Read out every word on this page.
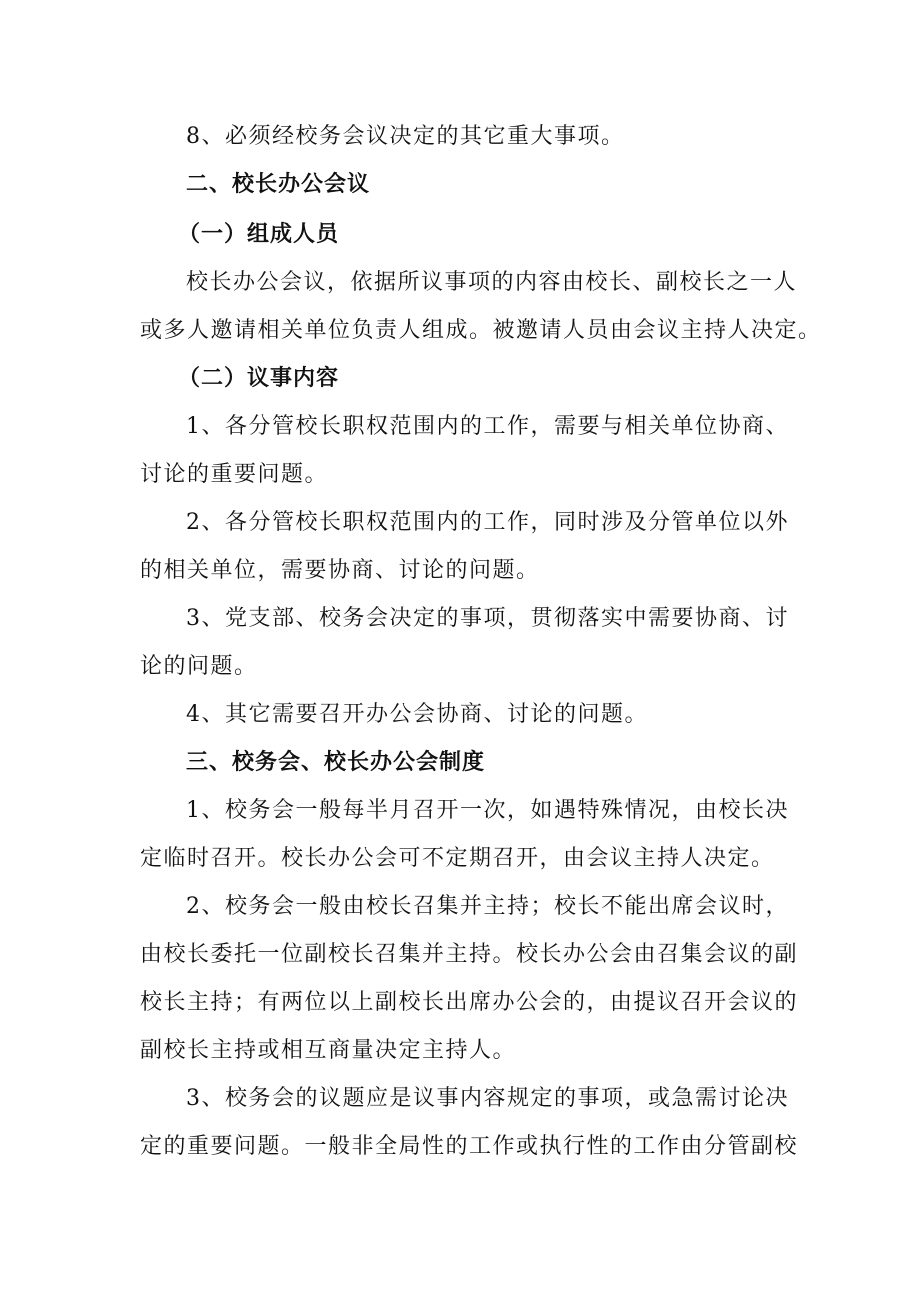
8、必须经校务会议决定的其它重大事项。
二、校长办公会议
（一）组成人员
校长办公会议，依据所议事项的内容由校长、副校长之一人
或多人邀请相关单位负责人组成。被邀请人员由会议主持人决定。
（二）议事内容
1、各分管校长职权范围内的工作，需要与相关单位协商、
讨论的重要问题。
2、各分管校长职权范围内的工作，同时涉及分管单位以外
的相关单位，需要协商、讨论的问题。
3、党支部、校务会决定的事项，贯彻落实中需要协商、讨
论的问题。
4、其它需要召开办公会协商、讨论的问题。
三、校务会、校长办公会制度
1、校务会一般每半月召开一次，如遇特殊情况，由校长决
定临时召开。校长办公会可不定期召开，由会议主持人决定。
2、校务会一般由校长召集并主持；校长不能出席会议时，
由校长委托一位副校长召集并主持。校长办公会由召集会议的副
校长主持；有两位以上副校长出席办公会的，由提议召开会议的
副校长主持或相互商量决定主持人。
3、校务会的议题应是议事内容规定的事项，或急需讨论决
定的重要问题。一般非全局性的工作或执行性的工作由分管副校
